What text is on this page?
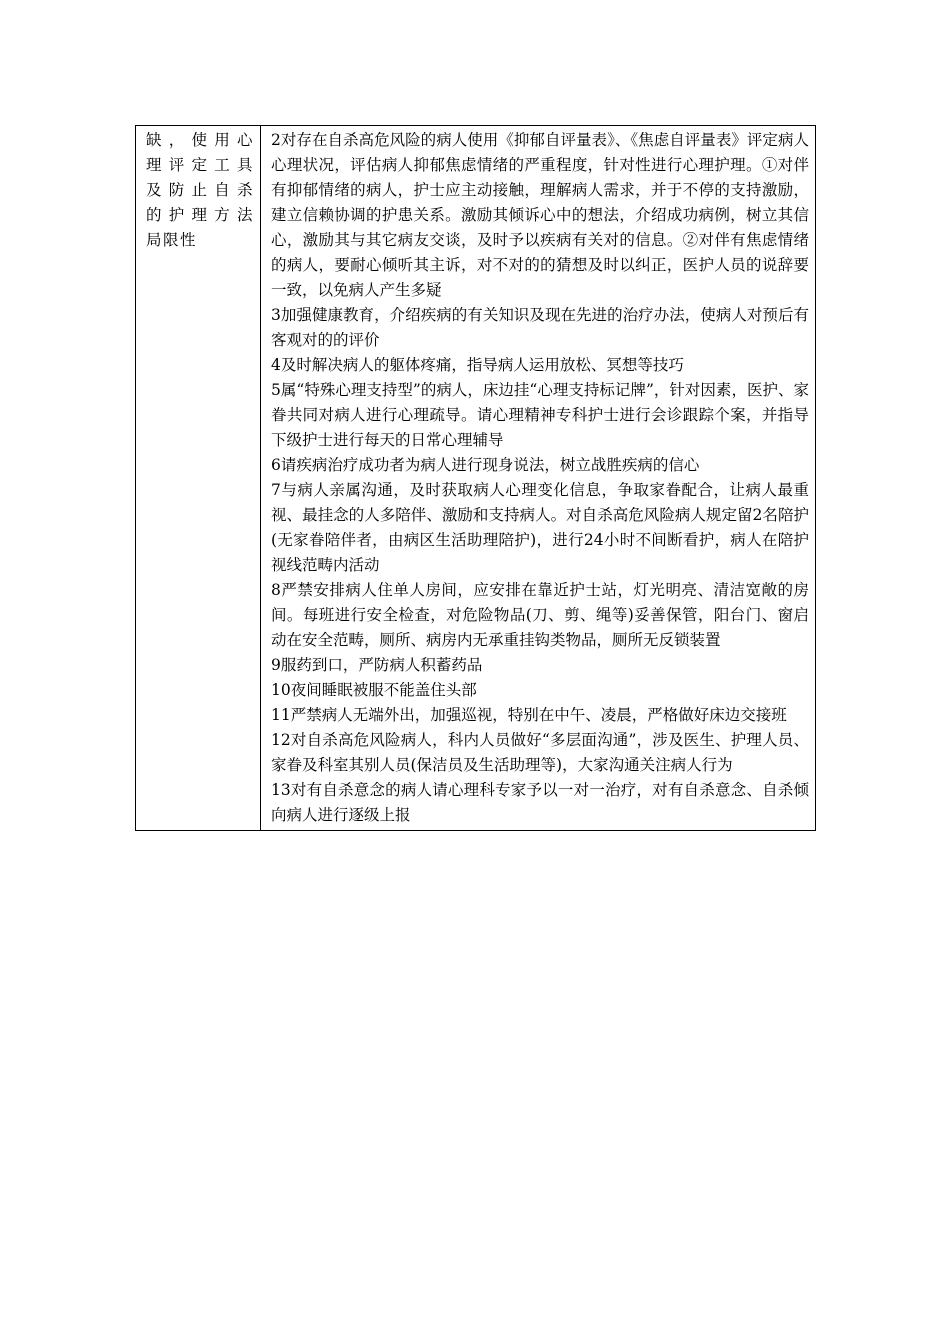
缺，使用心
理评定工具
及防止自杀
的护理方法
局限性

2对存在自杀高危风险的病人使用《抑郁自评量表》、《焦虑自评量表》评定病人心理状况，评估病人抑郁焦虑情绪的严重程度，针对性进行心理护理。①对伴有抑郁情绪的病人，护士应主动接触，理解病人需求，并于不停的支持激励，建立信赖协调的护患关系。激励其倾诉心中的想法，介绍成功病例，树立其信心，激励其与其它病友交谈，及时予以疾病有关对的信息。②对伴有焦虑情绪的病人，要耐心倾听其主诉，对不对的的猜想及时以纠正，医护人员的说辞要一致，以免病人产生多疑
3加强健康教育，介绍疾病的有关知识及现在先进的治疗办法，使病人对预后有客观对的的评价
4及时解决病人的躯体疼痛，指导病人运用放松、冥想等技巧
5属“特殊心理支持型”的病人，床边挂“心理支持标记牌”，针对因素，医护、家眷共同对病人进行心理疏导。请心理精神专科护士进行会诊跟踪个案，并指导下级护士进行每天的日常心理辅导
6请疾病治疗成功者为病人进行现身说法，树立战胜疾病的信心
7与病人亲属沟通，及时获取病人心理变化信息，争取家眷配合，让病人最重视、最挂念的人多陪伴、激励和支持病人。对自杀高危风险病人规定留2名陪护(无家眷陪伴者，由病区生活助理陪护)，进行24小时不间断看护，病人在陪护视线范畴内活动
8严禁安排病人住单人房间，应安排在靠近护士站，灯光明亮、清洁宽敞的房间。每班进行安全检查，对危险物品(刀、剪、绳等)妥善保管，阳台门、窗启动在安全范畴，厕所、病房内无承重挂钩类物品，厕所无反锁装置
9服药到口，严防病人积蓄药品
10夜间睡眠被服不能盖住头部
11严禁病人无端外出，加强巡视，特别在中午、凌晨，严格做好床边交接班
12对自杀高危风险病人，科内人员做好“多层面沟通”，涉及医生、护理人员、家眷及科室其别人员(保洁员及生活助理等)，大家沟通关注病人行为
13对有自杀意念的病人请心理科专家予以一对一治疗，对有自杀意念、自杀倾向病人进行逐级上报
